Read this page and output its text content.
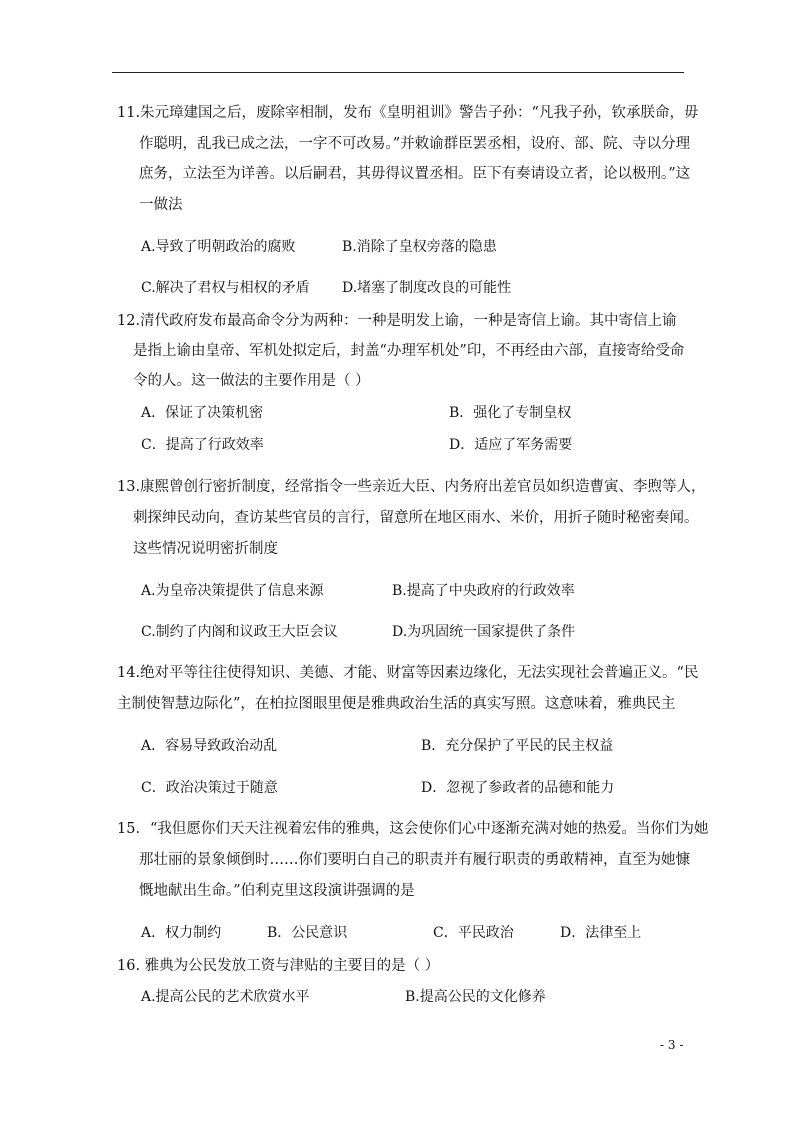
11.朱元璋建国之后，废除宰相制，发布《皇明祖训》警告子孙：“凡我子孙，钦承朕命，毋
作聪明，乱我已成之法，一字不可改易。”并敕谕群臣罢丞相，设府、部、院、寺以分理
庶务，立法至为详善。以后嗣君，其毋得议置丞相。臣下有奏请设立者，论以极刑。”这
一做法
A.导致了明朝政治的腐败	B.消除了皇权旁落的隐患
C.解决了君权与相权的矛盾 D.堵塞了制度改良的可能性
12.清代政府发布最高命令分为两种：一种是明发上谕，一种是寄信上谕。其中寄信上谕
是指上谕由皇帝、军机处拟定后，封盖“办理军机处”印，不再经由六部，直接寄给受命
令的人。这一做法的主要作用是（ ）
A．保证了决策机密	B．强化了专制皇权
C．提高了行政效率	D．适应了军务需要
13.康熙曾创行密折制度，经常指令一些亲近大臣、内务府出差官员如织造曹寅、李煦等人，
刺探绅民动向，查访某些官员的言行，留意所在地区雨水、米价，用折子随时秘密奏闻。
这些情况说明密折制度
A.为皇帝决策提供了信息来源	B.提高了中央政府的行政效率
C.制约了内阁和议政王大臣会议	D.为巩固统一国家提供了条件
14.绝对平等往往使得知识、美德、才能、财富等因素边缘化，无法实现社会普遍正义。“民
主制使智慧边际化”，在柏拉图眼里便是雅典政治生活的真实写照。这意味着，雅典民主
A．容易导致政治动乱	B．充分保护了平民的民主权益
C．政治决策过于随意	D．忽视了参政者的品德和能力
15．“我但愿你们天天注视着宏伟的雅典，这会使你们心中逐渐充满对她的热爱。当你们为她
那壮丽的景象倾倒时……你们要明白自己的职责并有履行职责的勇敢精神，直至为她慷
慨地献出生命。”伯利克里这段演讲强调的是
A．权力制约	B．公民意识	C．平民政治	D．法律至上
16. 雅典为公民发放工资与津贴的主要目的是（ ）
A.提高公民的艺术欣赏水平	B.提高公民的文化修养
- 3 -
